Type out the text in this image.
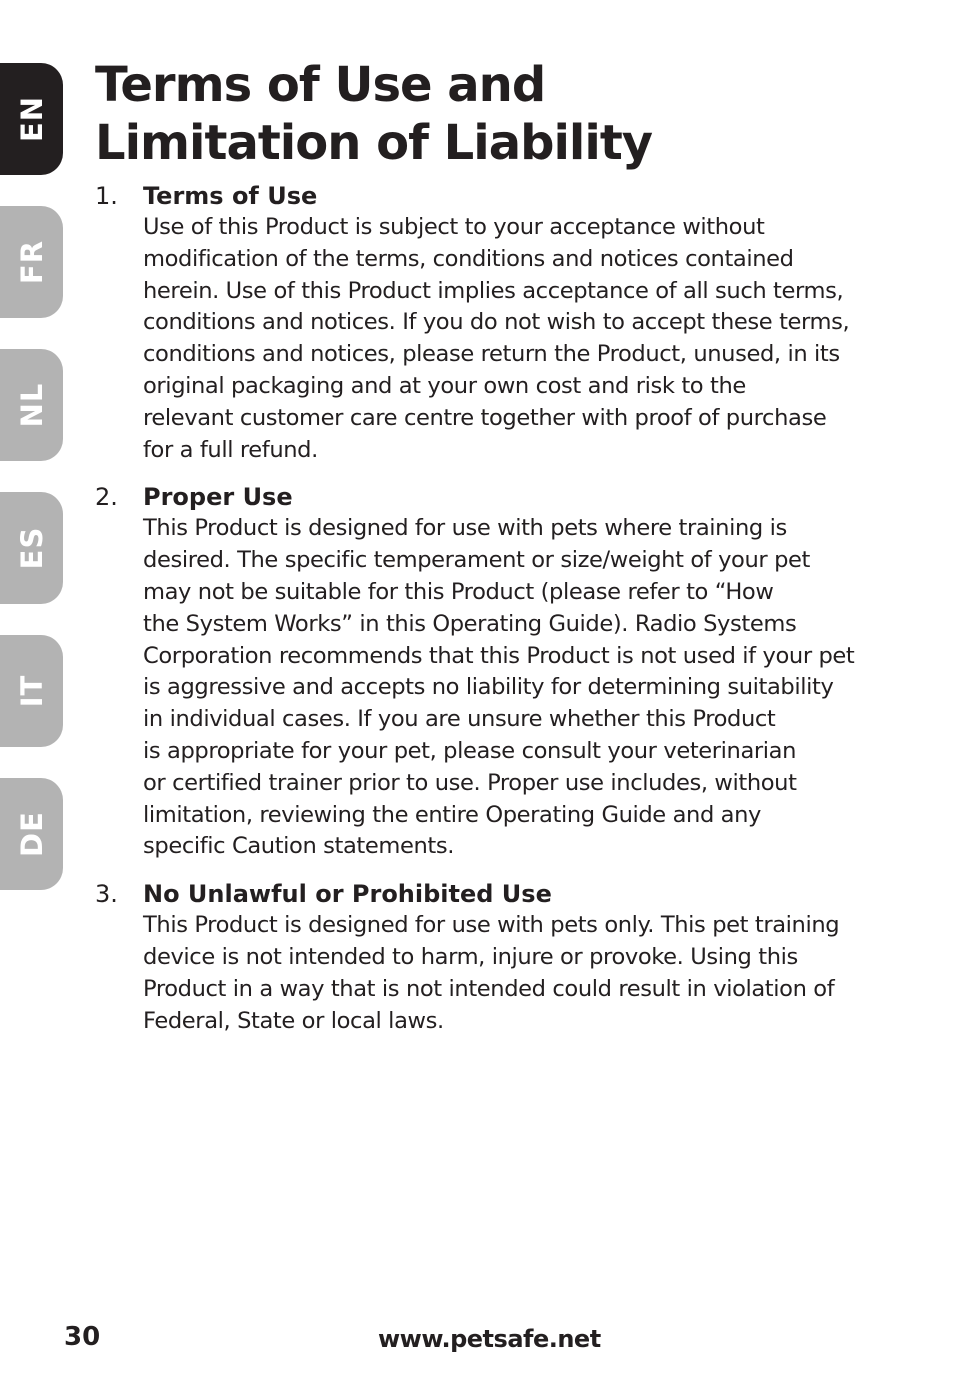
EN
FR
NL
ES
IT
DE
Terms of Use and
Limitation of Liability
1. Terms of Use
Use of this Product is subject to your acceptance without
modification of the terms, conditions and notices contained
herein. Use of this Product implies acceptance of all such terms,
conditions and notices. If you do not wish to accept these terms,
conditions and notices, please return the Product, unused, in its
original packaging and at your own cost and risk to the
relevant customer care centre together with proof of purchase
for a full refund.
2. Proper Use
This Product is designed for use with pets where training is
desired. The specific temperament or size/weight of your pet
may not be suitable for this Product (please refer to “How
the System Works” in this Operating Guide). Radio Systems
Corporation recommends that this Product is not used if your pet
is aggressive and accepts no liability for determining suitability
in individual cases. If you are unsure whether this Product
is appropriate for your pet, please consult your veterinarian
or certified trainer prior to use. Proper use includes, without
limitation, reviewing the entire Operating Guide and any
specific Caution statements.
3. No Unlawful or Prohibited Use
This Product is designed for use with pets only. This pet training
device is not intended to harm, injure or provoke. Using this
Product in a way that is not intended could result in violation of
Federal, State or local laws.
30	www.petsafe.net
